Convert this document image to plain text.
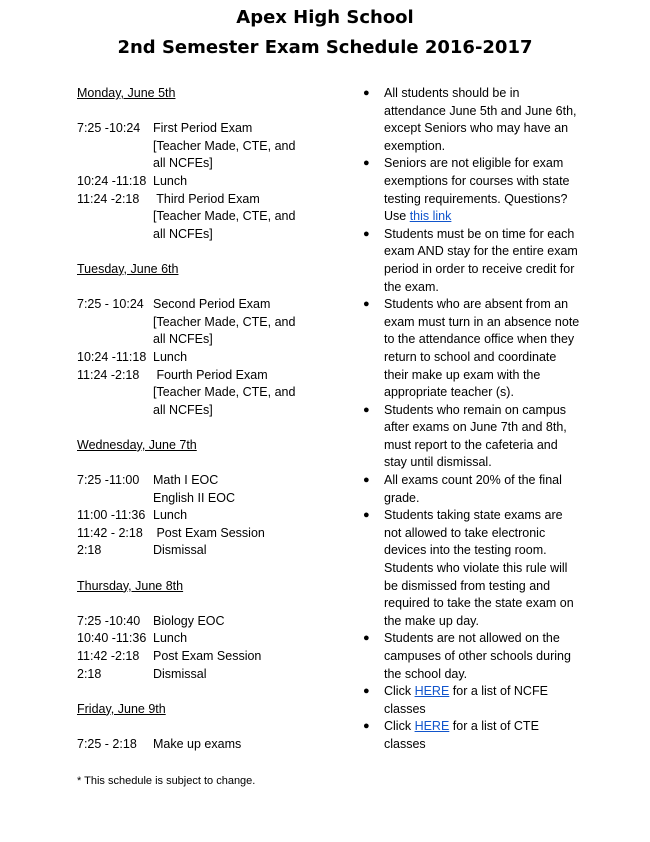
Apex High School
2nd Semester Exam Schedule 2016-2017
Monday, June 5th
7:25 -10:24	First Period Exam
[Teacher Made, CTE, and
all NCFEs]
10:24 -11:18 Lunch
11:24 -2:18	Third Period Exam
[Teacher Made, CTE, and
all NCFEs]
Tuesday, June 6th
7:25 - 10:24 Second Period Exam
[Teacher Made, CTE, and
all NCFEs]
10:24 -11:18 Lunch
11:24 -2:18	Fourth Period Exam
[Teacher Made, CTE, and
all NCFEs]
Wednesday, June 7th
7:25 -11:00	Math I EOC
English II EOC
11:00 -11:36 Lunch
11:42 - 2:18 Post Exam Session
2:18	Dismissal
Thursday, June 8th
7:25 -10:40	Biology EOC
10:40 -11:36 Lunch
11:42 -2:18	Post Exam Session
2:18	Dismissal
Friday, June 9th
7:25 - 2:18	Make up exams
● All students should be in attendance June 5th and June 6th, except Seniors who may have an exemption.
● Seniors are not eligible for exam exemptions for courses with state testing requirements. Questions? Use this link
● Students must be on time for each exam AND stay for the entire exam period in order to receive credit for the exam.
● Students who are absent from an exam must turn in an absence note to the attendance office when they return to school and coordinate their make up exam with the appropriate teacher (s).
● Students who remain on campus after exams on June 7th and 8th, must report to the cafeteria and stay until dismissal.
● All exams count 20% of the final grade.
● Students taking state exams are not allowed to take electronic devices into the testing room. Students who violate this rule will be dismissed from testing and required to take the state exam on the make up day.
● Students are not allowed on the campuses of other schools during the school day.
● Click HERE for a list of NCFE classes
● Click HERE for a list of CTE classes
* This schedule is subject to change.
